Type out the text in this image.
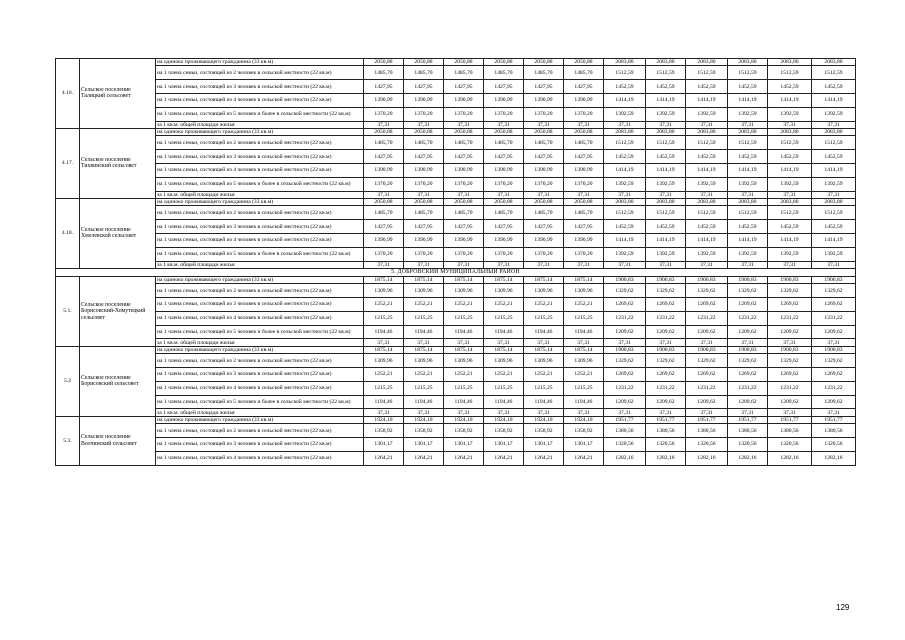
4.16.	Сельское поселение Талицкий сельсовет	на одиноко проживающего гражданина (33 кв.м)	2050,88	2050,88	2050,88	2050,88	2050,88	2050,88	2083,80	2083,80	2083,80	2083,80	2083,80	2083,80
		на 1 члена семьи, состоящей из 2 человек в сельской местности (22 кв.м)	1485,70	1485,70	1485,70	1485,70	1485,70	1485,70	1512,59	1512,59	1512,59	1512,59	1512,59	1512,59
		на 1 члена семьи, состоящей из 3 человек в сельской местности (22 кв.м)	1427,95	1427,95	1427,95	1427,95	1427,95	1427,95	1452,59	1452,59	1452,59	1452,59	1452,59	1452,59
		на 1 члена семьи, состоящей из 4 человек в сельской местности (22 кв.м)	1390,99	1390,99	1390,99	1390,99	1390,99	1390,99	1414,19	1414,19	1414,19	1414,19	1414,19	1414,19
		на 1 члена семьи, состоящей из 5 человек и более в сельской местности (22 кв.м)	1370,20	1370,20	1370,20	1370,20	1370,20	1370,20	1392,59	1392,59	1392,59	1392,59	1392,59	1392,59
		за 1 кв.м. общей площади жилья	37,31	37,31	37,31	37,31	37,31	37,31	37,31	37,31	37,31	37,31	37,31	37,31
4.17.	Сельское поселение Тихвинский сельсовет	на одиноко проживающего гражданина (33 кв.м)	2050,88	2050,88	2050,88	2050,88	2050,88	2050,88	2083,80	2083,80	2083,80	2083,80	2083,80	2083,80
		на 1 члена семьи, состоящей из 2 человек в сельской местности (22 кв.м)	1485,70	1485,70	1485,70	1485,70	1485,70	1485,70	1512,59	1512,59	1512,59	1512,59	1512,59	1512,59
		на 1 члена семьи, состоящей из 3 человек в сельской местности (22 кв.м)	1427,95	1427,95	1427,95	1427,95	1427,95	1427,95	1452,59	1452,59	1452,59	1452,59	1452,59	1452,59
		на 1 члена семьи, состоящей из 4 человек в сельской местности (22 кв.м)	1390,99	1390,99	1390,99	1390,99	1390,99	1390,99	1414,19	1414,19	1414,19	1414,19	1414,19	1414,19
		на 1 члена семьи, состоящей из 5 человек и более в сельской местности (22 кв.м)	1370,20	1370,20	1370,20	1370,20	1370,20	1370,20	1392,59	1392,59	1392,59	1392,59	1392,59	1392,59
		за 1 кв.м. общей площади жилья	37,31	37,31	37,31	37,31	37,31	37,31	37,31	37,31	37,31	37,31	37,31	37,31
4.18.	Сельское поселение Хмелевской сельсовет	на одиноко проживающего гражданина (33 кв.м)	2050,88	2050,88	2050,88	2050,88	2050,88	2050,88	2083,80	2083,80	2083,80	2083,80	2083,80	2083,80
		на 1 члена семьи, состоящей из 2 человек в сельской местности (22 кв.м)	1485,70	1485,70	1485,70	1485,70	1485,70	1485,70	1512,59	1512,59	1512,59	1512,59	1512,59	1512,59
		на 1 члена семьи, состоящей из 3 человек в сельской местности (22 кв.м)	1427,95	1427,95	1427,95	1427,95	1427,95	1427,95	1452,59	1452,59	1452,59	1452,59	1452,59	1452,59
		на 1 члена семьи, состоящей из 4 человек в сельской местности (22 кв.м)	1390,99	1390,99	1390,99	1390,99	1390,99	1390,99	1414,19	1414,19	1414,19	1414,19	1414,19	1414,19
		на 1 члена семьи, состоящей из 5 человек и более в сельской местности (22 кв.м)	1370,20	1370,20	1370,20	1370,20	1370,20	1370,20	1392,59	1392,59	1392,59	1392,59	1392,59	1392,59
		за 1 кв.м. общей площади жилья	37,31	37,31	37,31	37,31	37,31	37,31	37,31	37,31	37,31	37,31	37,31	37,31
5. ДОБРОВСКИЙ МУНИЦИПАЛЬНЫЙ РАЙОН														
5.1.	Сельское поселение Борисовский-Хомутецкий сельсовет	на одиноко проживающего гражданина (33 кв.м)	1875,14	1875,14	1875,14	1875,14	1875,14	1875,14	1900,83	1900,83	1900,83	1900,83	1900,83	1900,83
		на 1 члена семьи, состоящей из 2 человек в сельской местности (22 кв.м)	1309,96	1309,96	1309,96	1309,96	1309,96	1309,96	1329,62	1329,62	1329,62	1329,62	1329,62	1329,62
		на 1 члена семьи, состоящей из 3 человек в сельской местности (22 кв.м)	1252,21	1252,21	1252,21	1252,21	1252,21	1252,21	1269,62	1269,62	1269,62	1269,62	1269,62	1269,62
		на 1 члена семьи, состоящей из 4 человек в сельской местности (22 кв.м)	1215,25	1215,25	1215,25	1215,25	1215,25	1215,25	1231,22	1231,22	1231,22	1231,22	1231,22	1231,22
		на 1 члена семьи, состоящей из 5 человек и более в сельской местности (22 кв.м)	1194,46	1194,46	1194,46	1194,46	1194,46	1194,46	1209,62	1209,62	1209,62	1209,62	1209,62	1209,62
		за 1 кв.м. общей площади жилья	37,31	37,31	37,31	37,31	37,31	37,31	37,31	37,31	37,31	37,31	37,31	37,31
5.2	Сельское поселение Борисовский сельсовет	на одиноко проживающего гражданина (33 кв.м)	1875,14	1875,14	1875,14	1875,14	1875,14	1875,14	1900,83	1900,83	1900,83	1900,83	1900,83	1900,83
		на 1 члена семьи, состоящей из 2 человек в сельской местности (22 кв.м)	1309,96	1309,96	1309,96	1309,96	1309,96	1309,96	1329,62	1329,62	1329,62	1329,62	1329,62	1329,62
		на 1 члена семьи, состоящей из 3 человек в сельской местности (22 кв.м)	1252,21	1252,21	1252,21	1252,21	1252,21	1252,21	1269,62	1269,62	1269,62	1269,62	1269,62	1269,62
		на 1 члена семьи, состоящей из 4 человек в сельской местности (22 кв.м)	1215,25	1215,25	1215,25	1215,25	1215,25	1215,25	1231,22	1231,22	1231,22	1231,22	1231,22	1231,22
		на 1 члена семьи, состоящей из 5 человек и более в сельской местности (22 кв.м)	1194,46	1194,46	1194,46	1194,46	1194,46	1194,46	1209,62	1209,62	1209,62	1209,62	1209,62	1209,62
		за 1 кв.м. общей площади жилья	37,31	37,31	37,31	37,31	37,31	37,31	37,31	37,31	37,31	37,31	37,31	37,31
5.3.	Сельское поселение Волчинский сельсовет	на одиноко проживающего гражданина (33 кв.м)	1924,10	1924,10	1924,10	1924,10	1924,10	1924,10	1951,77	1951,77	1951,77	1951,77	1951,77	1951,77
		на 1 члена семьи, состоящей из 2 человек в сельской местности (22 кв.м)	1358,92	1358,92	1358,92	1358,92	1358,92	1358,92	1380,56	1380,56	1380,56	1380,56	1380,56	1380,56
		на 1 члена семьи, состоящей из 3 человек в сельской местности (22 кв.м)	1301,17	1301,17	1301,17	1301,17	1301,17	1301,17	1320,56	1320,56	1320,56	1320,56	1320,56	1320,56
		на 1 члена семьи, состоящей из 4 человек в сельской местности (22 кв.м)	1264,21	1264,21	1264,21	1264,21	1264,21	1264,21	1282,16	1282,16	1282,16	1282,16	1282,16	1282,16
129
